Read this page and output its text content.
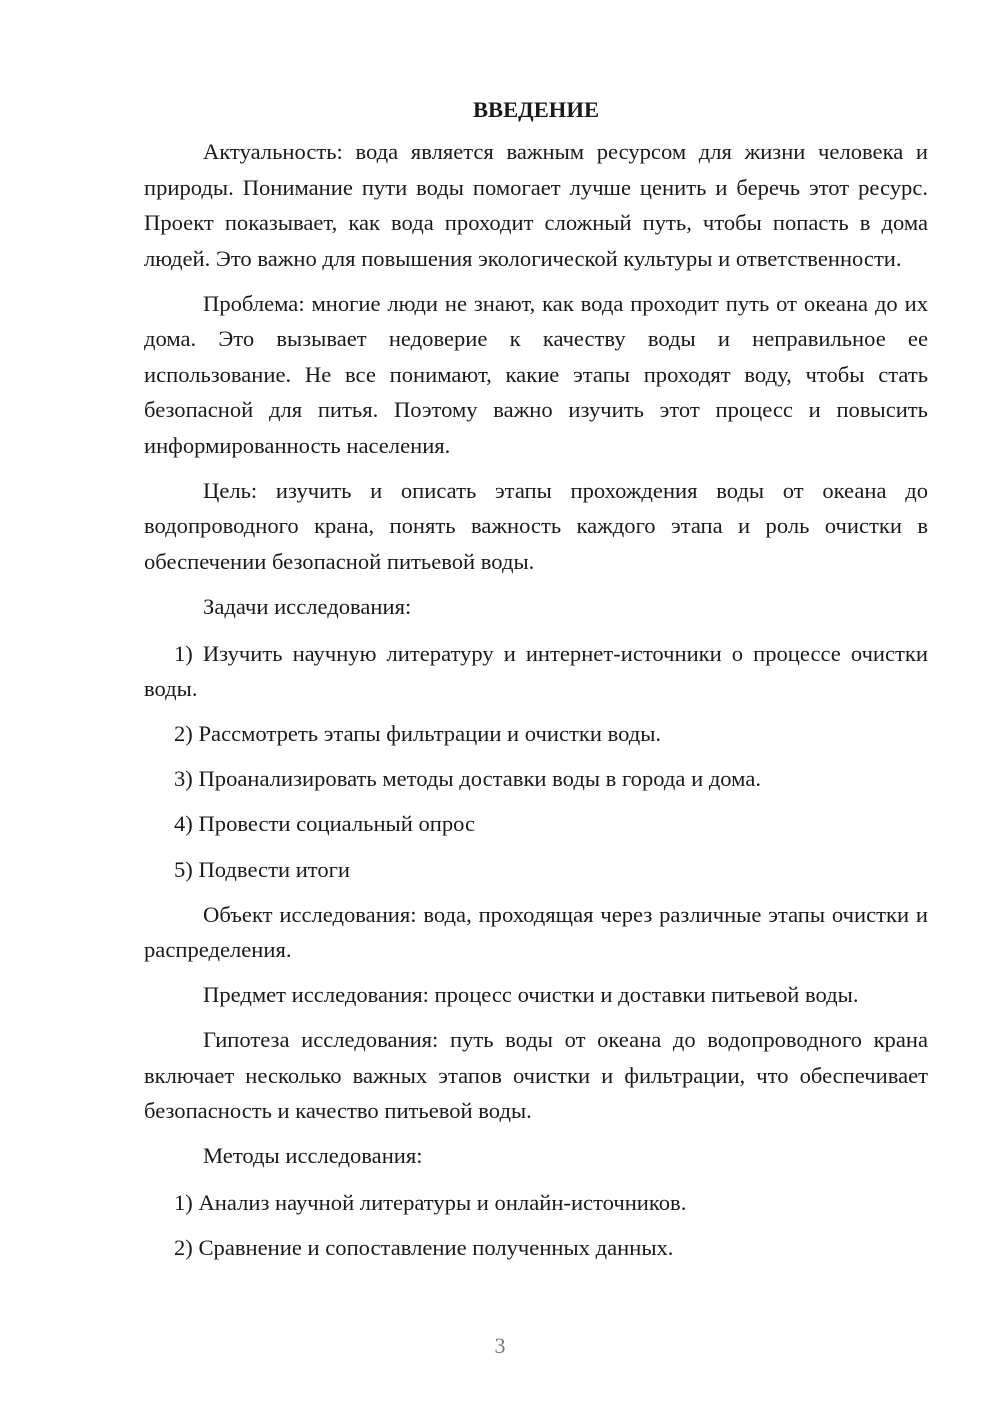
ВВЕДЕНИЕ

Актуальность: вода является важным ресурсом для жизни человека и природы. Понимание пути воды помогает лучше ценить и беречь этот ресурс. Проект показывает, как вода проходит сложный путь, чтобы попасть в дома людей. Это важно для повышения экологической культуры и ответственности.

Проблема: многие люди не знают, как вода проходит путь от океана до их дома. Это вызывает недоверие к качеству воды и неправильное ее использование. Не все понимают, какие этапы проходят воду, чтобы стать безопасной для питья. Поэтому важно изучить этот процесс и повысить информированность населения.

Цель: изучить и описать этапы прохождения воды от океана до водопроводного крана, понять важность каждого этапа и роль очистки в обеспечении безопасной питьевой воды.

Задачи исследования:

1) Изучить научную литературу и интернет-источники о процессе очистки воды.

2) Рассмотреть этапы фильтрации и очистки воды.

3) Проанализировать методы доставки воды в города и дома.

4) Провести социальный опрос

5) Подвести итоги

Объект исследования: вода, проходящая через различные этапы очистки и распределения.

Предмет исследования: процесс очистки и доставки питьевой воды.

Гипотеза исследования: путь воды от океана до водопроводного крана включает несколько важных этапов очистки и фильтрации, что обеспечивает безопасность и качество питьевой воды.

Методы исследования:

1) Анализ научной литературы и онлайн-источников.

2) Сравнение и сопоставление полученных данных.

3
